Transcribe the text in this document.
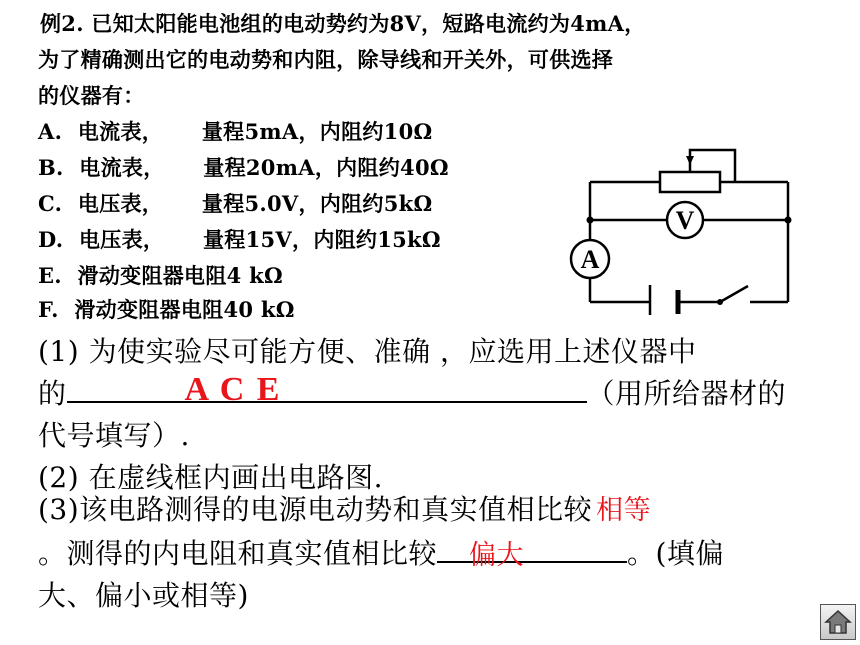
例2. 已知太阳能电池组的电动势约为8V，短路电流约为4mA，
为了精确测出它的电动势和内阻，除导线和开关外，可供选择
的仪器有：
A. 电流表， 量程5mA，内阻约10Ω
B. 电流表， 量程20mA，内阻约40Ω
C. 电压表， 量程5.0V，内阻约5kΩ
D. 电压表， 量程15V，内阻约15kΩ
E. 滑动变阻器电阻4 kΩ
F. 滑动变阻器电阻40 kΩ
V
A
(1) 为使实验尽可能方便、准确 ，应选用上述仪器中
的	A C E	（用所给器材的
代号填写）.
(2) 在虚线框内画出电路图.
(3)该电路测得的电源电动势和真实值相比较 相等
。测得的内电阻和真实值相比较 偏大	。(填偏
大、偏小或相等)
